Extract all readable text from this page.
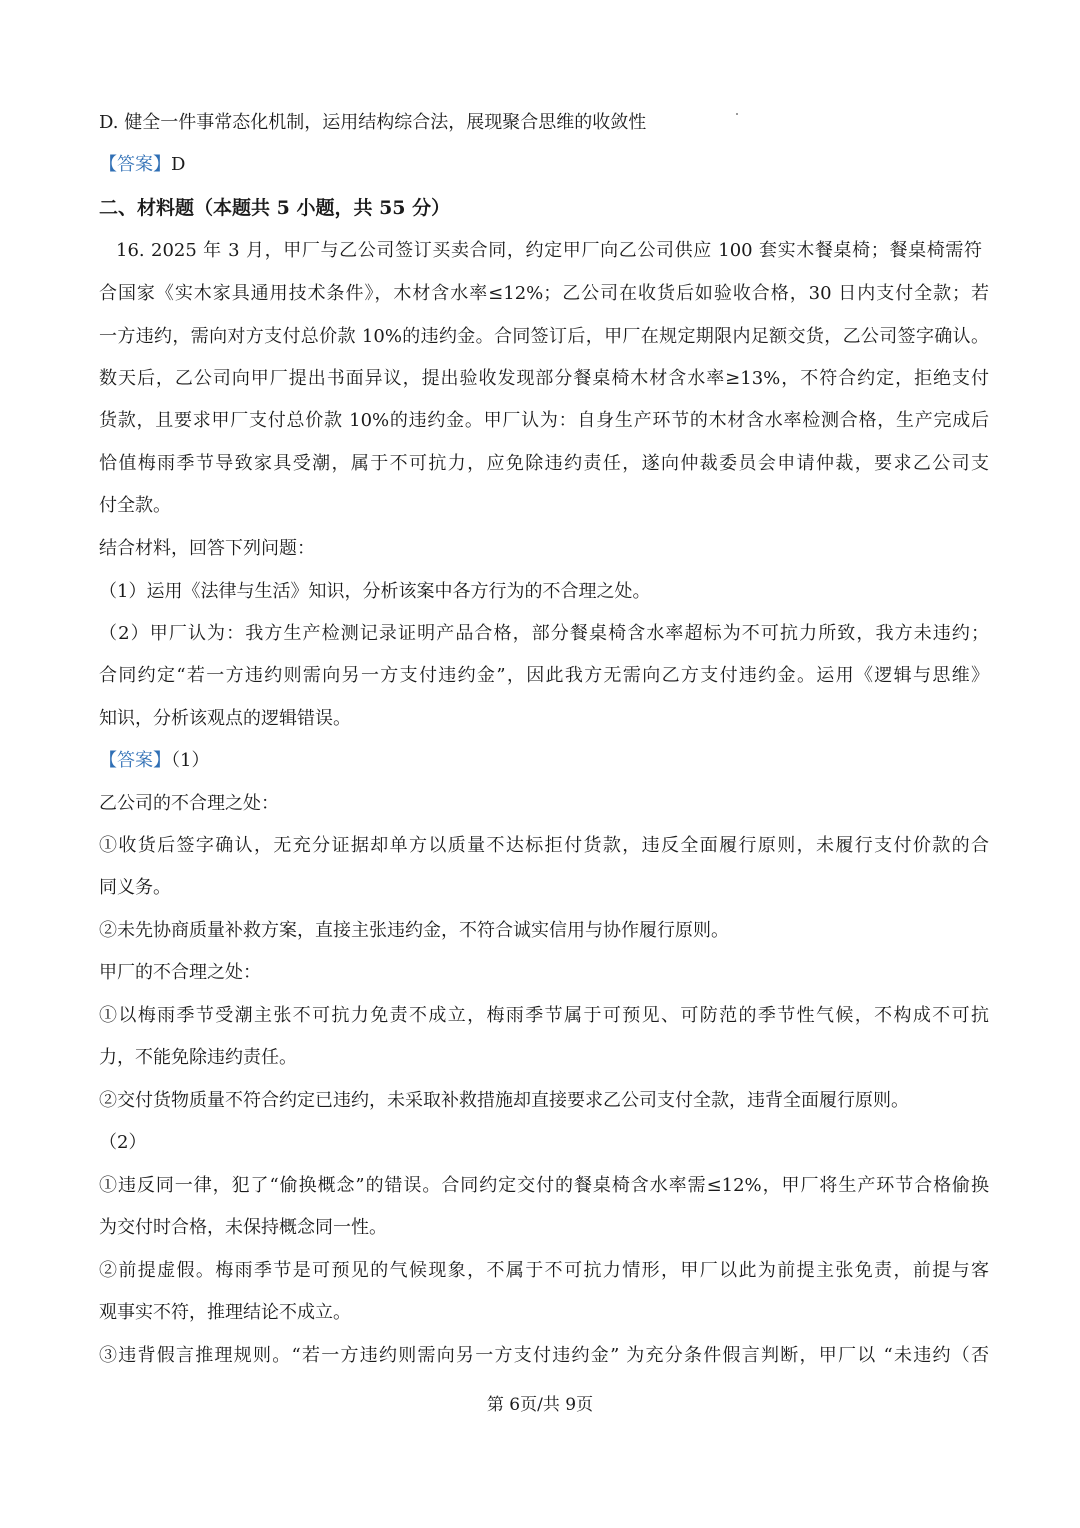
D. 健全一件事常态化机制，运用结构综合法，展现聚合思维的收敛性
【答案】D
二、材料题（本题共 5 小题，共 55 分）
16. 2025 年 3 月，甲厂与乙公司签订买卖合同，约定甲厂向乙公司供应 100 套实木餐桌椅；餐桌椅需符
合国家《实木家具通用技术条件》，木材含水率≤12%；乙公司在收货后如验收合格，30 日内支付全款；若
一方违约，需向对方支付总价款 10%的违约金。合同签订后，甲厂在规定期限内足额交货，乙公司签字确认。
数天后，乙公司向甲厂提出书面异议，提出验收发现部分餐桌椅木材含水率≥13%，不符合约定，拒绝支付
货款，且要求甲厂支付总价款 10%的违约金。甲厂认为：自身生产环节的木材含水率检测合格，生产完成后
恰值梅雨季节导致家具受潮，属于不可抗力，应免除违约责任，遂向仲裁委员会申请仲裁，要求乙公司支
付全款。
结合材料，回答下列问题：
（1）运用《法律与生活》知识，分析该案中各方行为的不合理之处。
（2）甲厂认为：我方生产检测记录证明产品合格，部分餐桌椅含水率超标为不可抗力所致，我方未违约；
合同约定“若一方违约则需向另一方支付违约金”，因此我方无需向乙方支付违约金。运用《逻辑与思维》
知识，分析该观点的逻辑错误。
【答案】（1）
乙公司的不合理之处：
①收货后签字确认，无充分证据却单方以质量不达标拒付货款，违反全面履行原则，未履行支付价款的合
同义务。
②未先协商质量补救方案，直接主张违约金，不符合诚实信用与协作履行原则。
甲厂的不合理之处：
①以梅雨季节受潮主张不可抗力免责不成立，梅雨季节属于可预见、可防范的季节性气候，不构成不可抗
力，不能免除违约责任。
②交付货物质量不符合约定已违约，未采取补救措施却直接要求乙公司支付全款，违背全面履行原则。
（2）
①违反同一律，犯了“偷换概念”的错误。合同约定交付的餐桌椅含水率需≤12%，甲厂将生产环节合格偷换
为交付时合格，未保持概念同一性。
②前提虚假。梅雨季节是可预见的气候现象，不属于不可抗力情形，甲厂以此为前提主张免责，前提与客
观事实不符，推理结论不成立。
③违背假言推理规则。“若一方违约则需向另一方支付违约金” 为充分条件假言判断，甲厂以 “未违约（否
第 6页/共 9页
